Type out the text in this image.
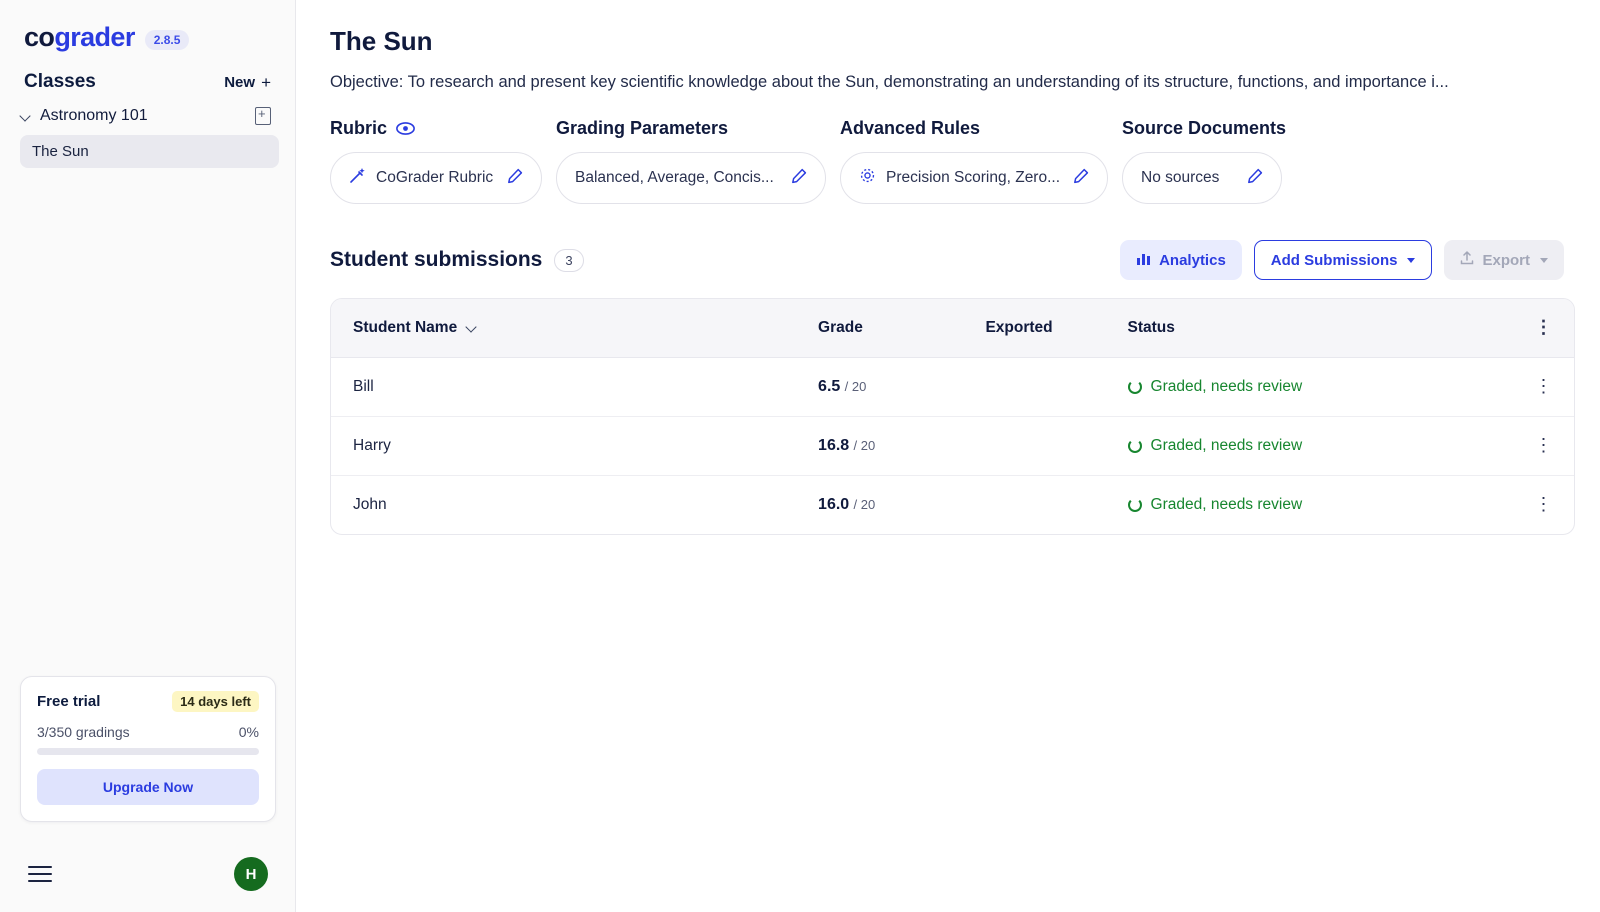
cograder	2.8.5
Classes	New +
Astronomy 101
+
The Sun
Free trial	14 days left
3/350 gradings	0%
Upgrade Now
H
The Sun

Objective: To research and present key scientific knowledge about the Sun, demonstrating an understanding of its structure, functions, and importance i...

Rubric
CoGrader Rubric
Grading Parameters
Balanced, Average, Concis...
Advanced Rules
Precision Scoring, Zero...
Source Documents
No sources
Student submissions	3	Analytics	Add Submissions	Export
Student Name	Grade	Exported	Status	⋮
Bill	6.5 / 20		Graded, needs review	⋮
Harry	16.8 / 20		Graded, needs review	⋮
John	16.0 / 20		Graded, needs review	⋮
